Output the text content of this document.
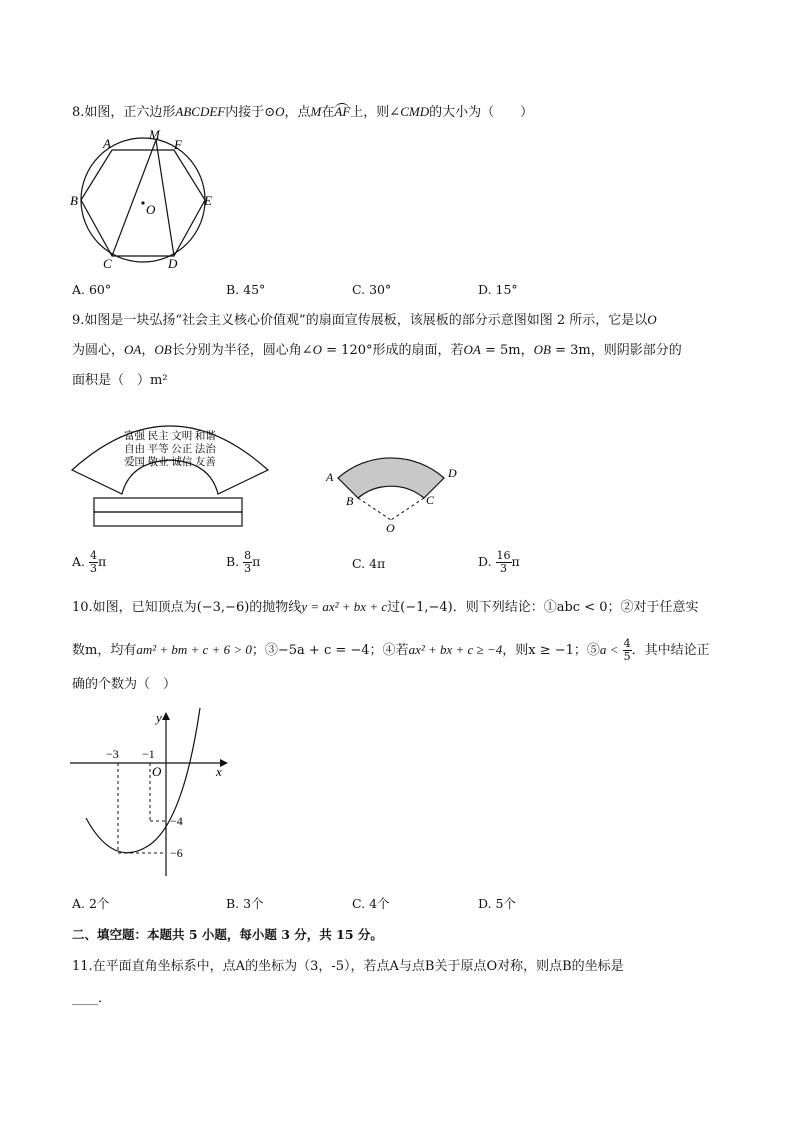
8.如图，正六边形ABCDEF内接于⊙O，点M在AF上，则∠CMD的大小为（　　）
A
M
F
B
O
E
C	D
A. 60°	B. 45°	C. 30°	D. 15°
9.如图是一块弘扬“社会主义核心价值观”的扇面宣传展板，该展板的部分示意图如图 2 所示，它是以O
为圆心，OA，OB长分别为半径，圆心角∠O = 120°形成的扇面，若OA = 5m，OB = 3m，则阴影部分的
面积是（　）m²
富强 民主 文明 和谐
自由 平等 公正 法治
爱国 敬业 诚信 友善
A
B	C
D
O
A. $\frac{4}{3}$ π	B. $\frac{8}{3}$ π	C. 4π	D. $\frac{16}{3}$ π
10.如图，已知顶点为(−3,−6)的抛物线y = ax² + bx + c过(−1,−4)．则下列结论：①abc < 0；②对于任意实
数m，均有am² + bm + c + 6 > 0；③−5a + c = −4；④若ax² + bx + c ≥ −4，则x ≥ −1；⑤a < $\frac{4}{5}$ ．其中结论正
确的个数为（　）
y
x
O
−3 −1
−4
−6
A. 2个	B. 3个	C. 4个	D. 5个
二、填空题：本题共 5 小题，每小题 3 分，共 15 分。
11.在平面直角坐标系中，点A的坐标为（3，-5），若点A与点B关于原点O对称，则点B的坐标是
____．
